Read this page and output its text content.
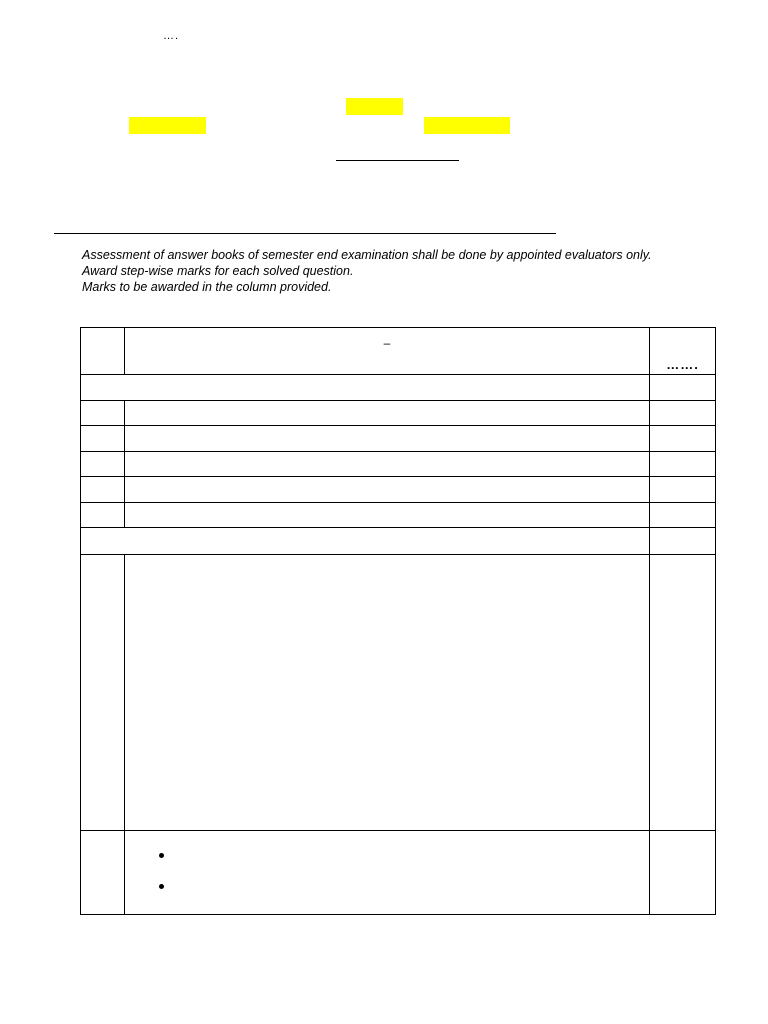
….
Assessment of answer books of semester end examination shall be done by appointed evaluators only.
Award step-wise marks for each solved question.
Marks to be awarded in the column provided.

	–	…….
